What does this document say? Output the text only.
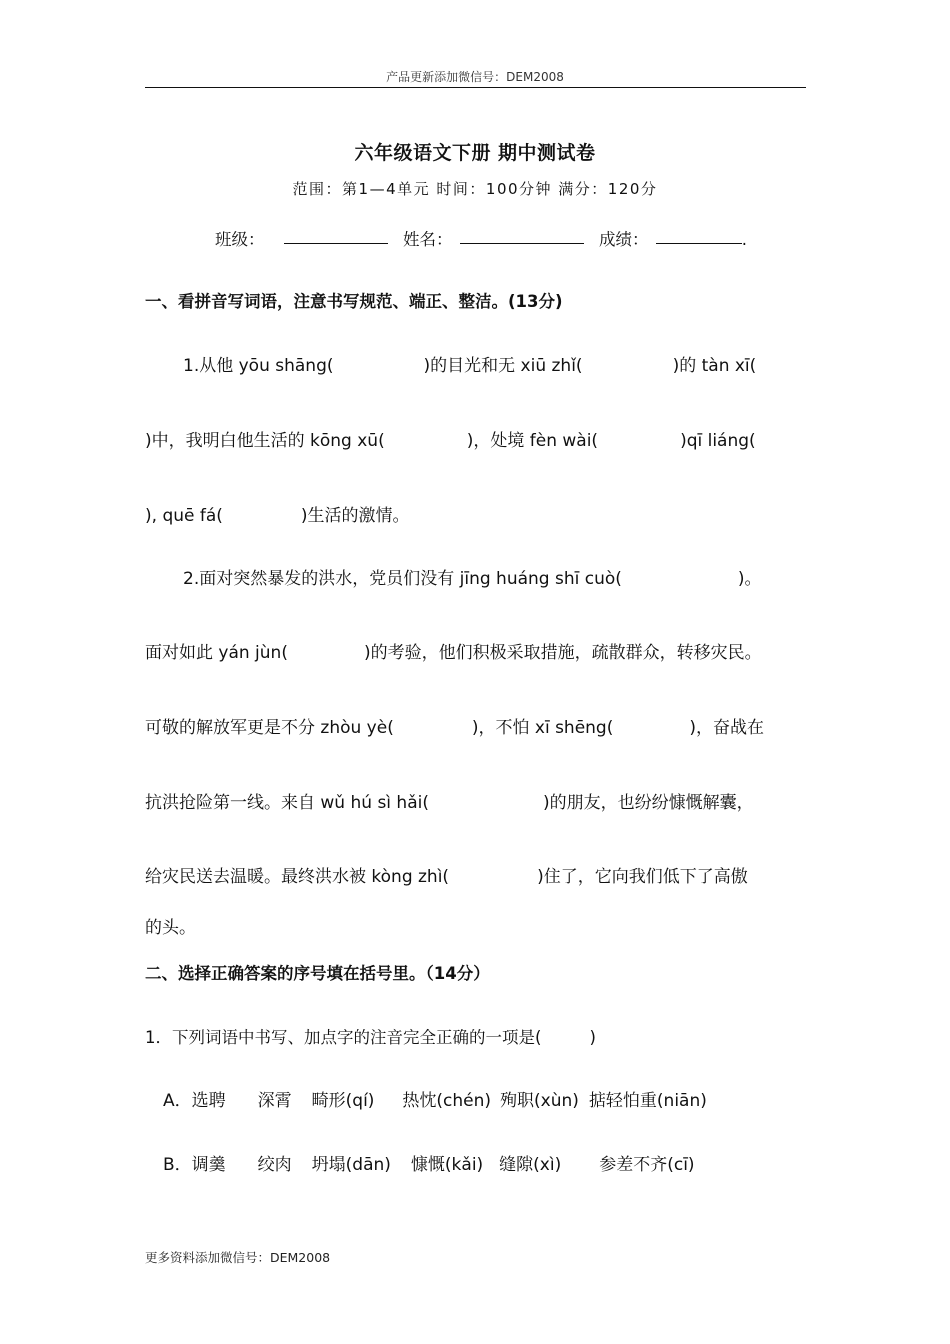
产品更新添加微信号：DEM2008
六年级语文下册 期中测试卷
范围：第1—4单元 时间：100分钟 满分：120分
班级：	姓名：	成绩：	.
一、看拼音写词语，注意书写规范、端正、整洁。(13分)
1.从他 yōu shāng(	)的目光和无 xiū zhǐ(	)的 tàn xī(
)中，我明白他生活的 kōng xū(	)，处境 fèn wài(	)qī liáng(
), quē fá(	)生活的激情。
2.面对突然暴发的洪水，党员们没有 jīng huáng shī cuò(	)。
面对如此 yán jùn(	)的考验，他们积极采取措施，疏散群众，转移灾民。
可敬的解放军更是不分 zhòu yè(	)，不怕 xī shēng(	)，奋战在
抗洪抢险第一线。来自 wǔ hú sì hǎi(	)的朋友，也纷纷慷慨解囊，
给灾民送去温暖。最终洪水被 kòng zhì(	)住了，它向我们低下了高傲
的头。
二、选择正确答案的序号填在括号里。（14分）
1．下列词语中书写、加点字的注音完全正确的一项是(	)
A．选聘 深霄 畸形(qí) 热忱(chén) 殉职(xùn) 掂轻怕重(niān)
B．调羹 绞肉 坍塌(dān) 慷慨(kǎi) 缝隙(xì) 参差不齐(cī)
更多资料添加微信号：DEM2008
